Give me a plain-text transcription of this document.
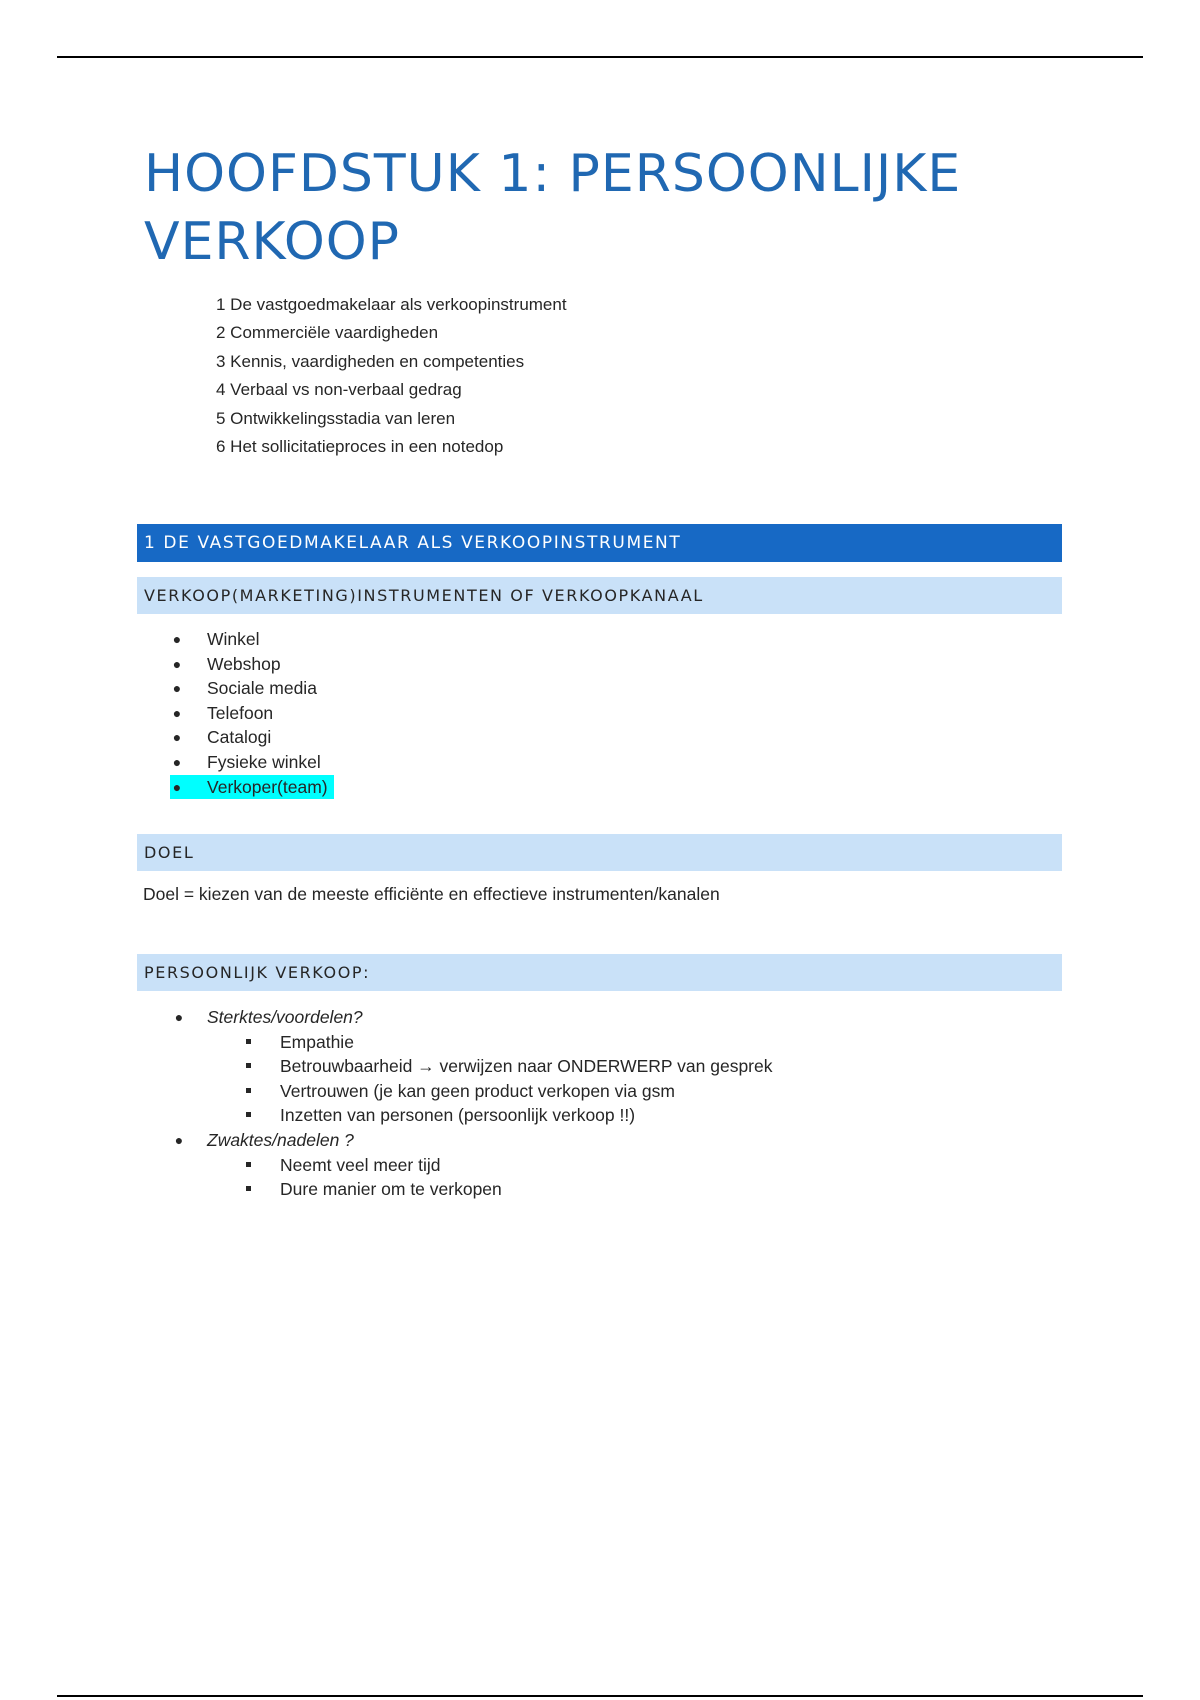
HOOFDSTUK 1: PERSOONLIJKE VERKOOP
1 De vastgoedmakelaar als verkoopinstrument
2 Commerciële vaardigheden
3 Kennis, vaardigheden en competenties
4 Verbaal vs non-verbaal gedrag
5 Ontwikkelingsstadia van leren
6 Het sollicitatieproces in een notedop
1 DE VASTGOEDMAKELAAR ALS VERKOOPINSTRUMENT
VERKOOP(MARKETING)INSTRUMENTEN OF VERKOOPKANAAL
● Winkel
● Webshop
● Sociale media
● Telefoon
● Catalogi
● Fysieke winkel
● Verkoper(team)
DOEL

Doel = kiezen van de meeste efficiënte en effectieve instrumenten/kanalen

PERSOONLIJK VERKOOP:
● Sterktes/voordelen?
Empathie
Betrouwbaarheid → verwijzen naar ONDERWERP van gesprek
Vertrouwen (je kan geen product verkopen via gsm
Inzetten van personen (persoonlijk verkoop !!)
● Zwaktes/nadelen ?
Neemt veel meer tijd
Dure manier om te verkopen
